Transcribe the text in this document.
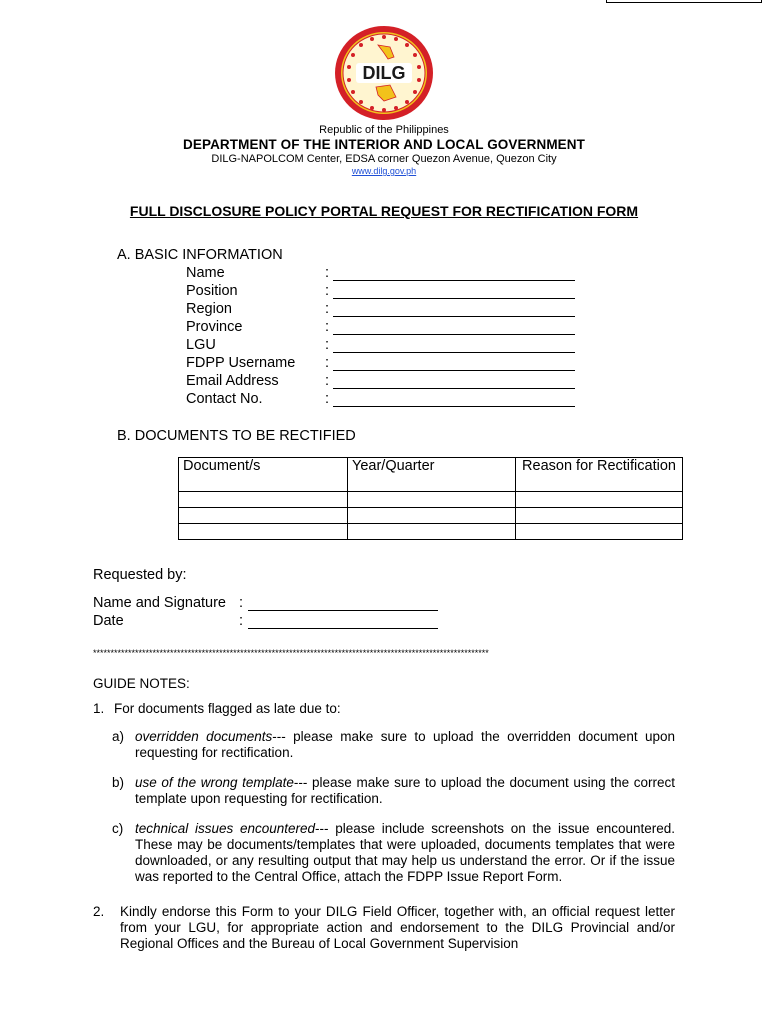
DILG
Republic of the Philippines
DEPARTMENT OF THE INTERIOR AND LOCAL GOVERNMENT
DILG-NAPOLCOM Center, EDSA corner Quezon Avenue, Quezon City
www.dilg.gov.ph
FULL DISCLOSURE POLICY PORTAL REQUEST FOR RECTIFICATION FORM
A. BASIC INFORMATION
Name	:
Position	:
Region	:
Province	:
LGU	:
FDPP Username :
Email Address	:
Contact No.	:
B. DOCUMENTS TO BE RECTIFIED
Document/s	Year/Quarter	Reason for Rectification

Requested by:
Name and Signature :
Date	:
*****************************************************************************************************************
GUIDE NOTES:
1. For documents flagged as late due to:
a) overridden documents--- please make sure to upload the overridden document upon requesting for rectification.
b) use of the wrong template--- please make sure to upload the document using the correct template upon requesting for rectification.
c) technical issues encountered--- please include screenshots on the issue encountered. These may be documents/templates that were uploaded, documents templates that were downloaded, or any resulting output that may help us understand the error. Or if the issue was reported to the Central Office, attach the FDPP Issue Report Form.
2. Kindly endorse this Form to your DILG Field Officer, together with, an official request letter from your LGU, for appropriate action and endorsement to the DILG Provincial and/or Regional Offices and the Bureau of Local Government Supervision
